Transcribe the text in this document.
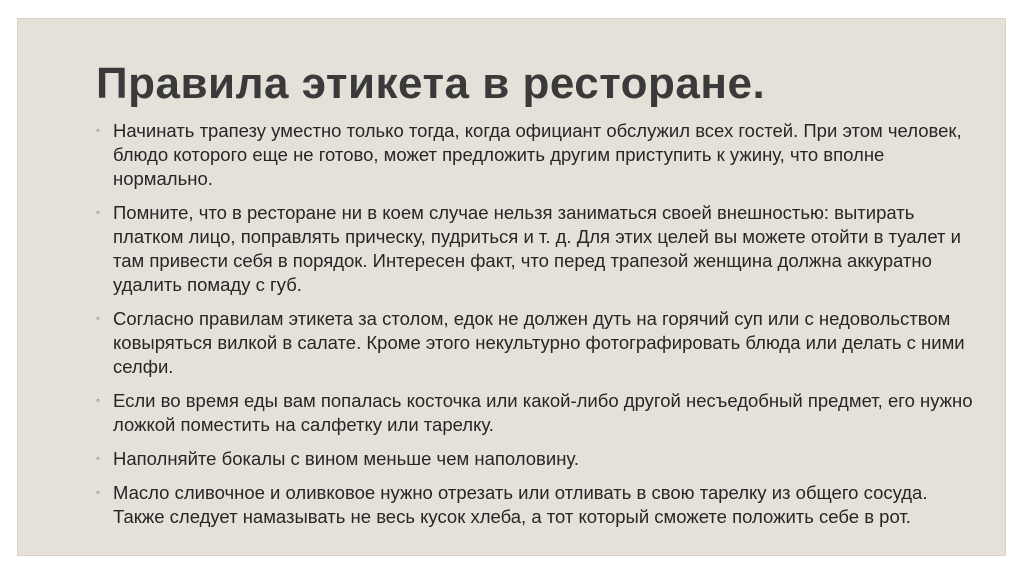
Правила этикета в ресторане.
◦ Начинать трапезу уместно только тогда, когда официант обслужил всех гостей. При этом человек, блюдо которого еще не готово, может предложить другим приступить к ужину, что вполне нормально.
◦ Помните, что в ресторане ни в коем случае нельзя заниматься своей внешностью: вытирать платком лицо, поправлять прическу, пудриться и т. д. Для этих целей вы можете отойти в туалет и там привести себя в порядок. Интересен факт, что перед трапезой женщина должна аккуратно удалить помаду с губ.
◦ Согласно правилам этикета за столом, едок не должен дуть на горячий суп или с недовольством ковыряться вилкой в салате. Кроме этого некультурно фотографировать блюда или делать с ними селфи.
◦ Если во время еды вам попалась косточка или какой-либо другой несъедобный предмет, его нужно ложкой поместить на салфетку или тарелку.
◦ Наполняйте бокалы с вином меньше чем наполовину.
◦ Масло сливочное и оливковое нужно отрезать или отливать в свою тарелку из общего сосуда. Также следует намазывать не весь кусок хлеба, а тот который сможете положить себе в рот.
